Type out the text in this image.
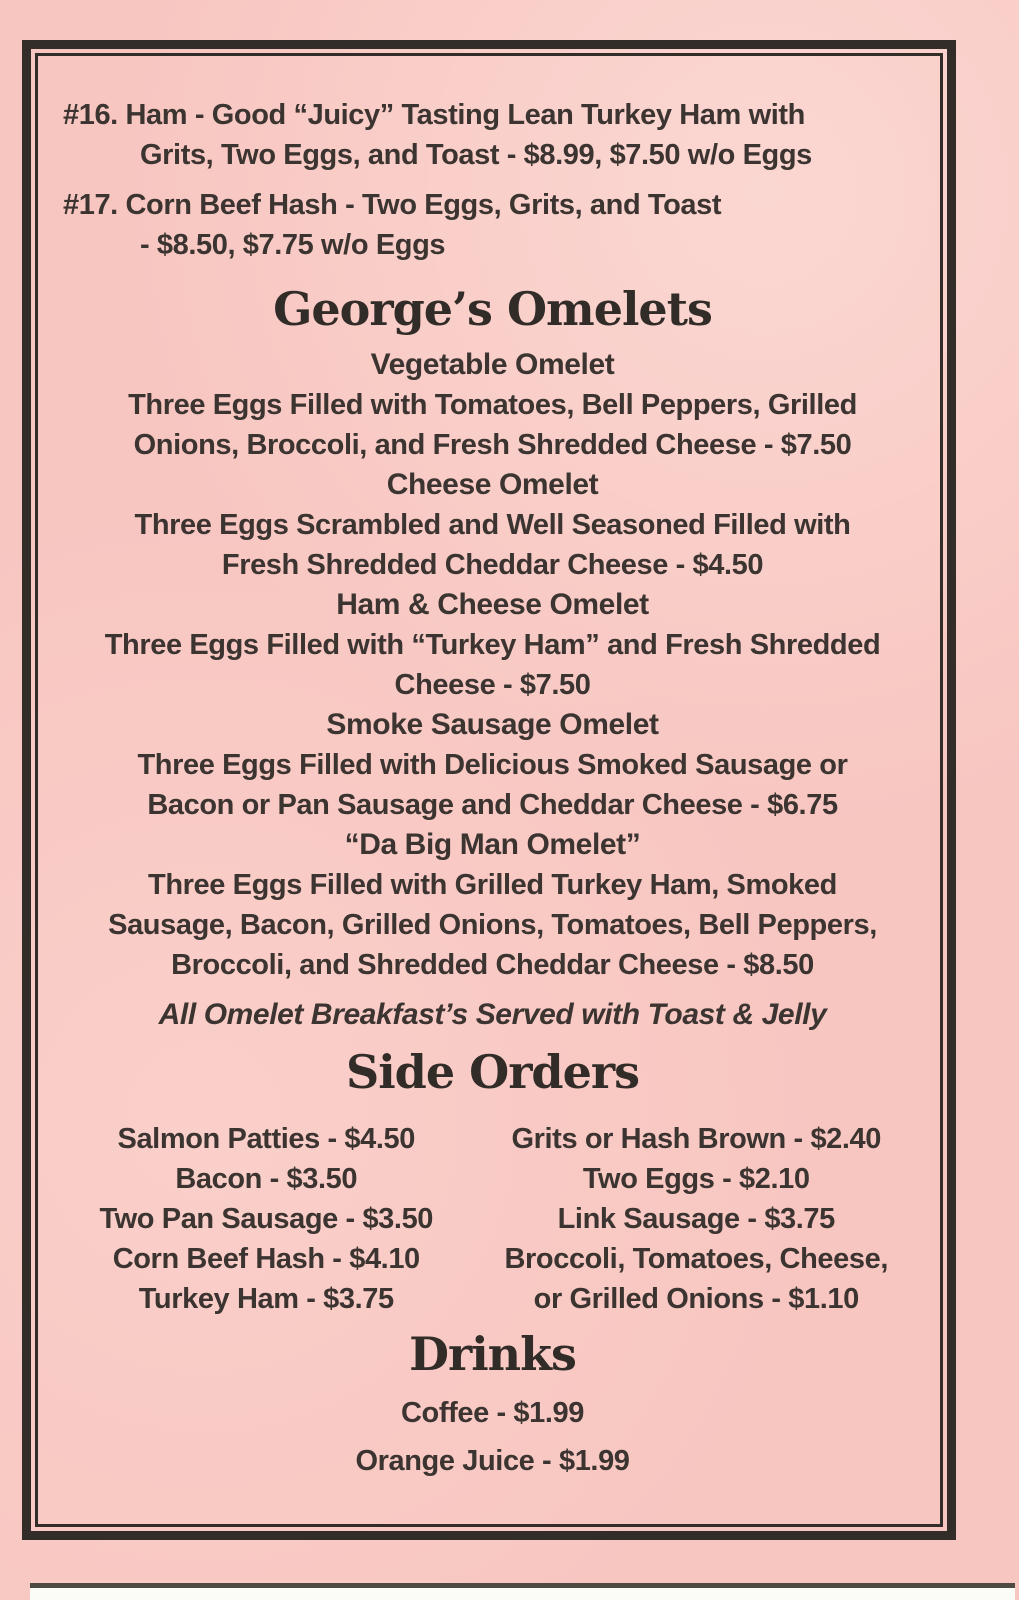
#16. Ham - Good “Juicy” Tasting Lean Turkey Ham with
Grits, Two Eggs, and Toast - $8.99, $7.50 w/o Eggs
#17. Corn Beef Hash - Two Eggs, Grits, and Toast
- $8.50, $7.75 w/o Eggs
George’s Omelets
Vegetable Omelet
Three Eggs Filled with Tomatoes, Bell Peppers, Grilled
Onions, Broccoli, and Fresh Shredded Cheese - $7.50
Cheese Omelet
Three Eggs Scrambled and Well Seasoned Filled with
Fresh Shredded Cheddar Cheese - $4.50
Ham & Cheese Omelet
Three Eggs Filled with “Turkey Ham” and Fresh Shredded
Cheese - $7.50
Smoke Sausage Omelet
Three Eggs Filled with Delicious Smoked Sausage or
Bacon or Pan Sausage and Cheddar Cheese - $6.75
“Da Big Man Omelet”
Three Eggs Filled with Grilled Turkey Ham, Smoked
Sausage, Bacon, Grilled Onions, Tomatoes, Bell Peppers,
Broccoli, and Shredded Cheddar Cheese - $8.50
All Omelet Breakfast’s Served with Toast & Jelly
Side Orders
Salmon Patties - $4.50
Bacon - $3.50
Two Pan Sausage - $3.50
Corn Beef Hash - $4.10
Turkey Ham - $3.75
Grits or Hash Brown - $2.40
Two Eggs - $2.10
Link Sausage - $3.75
Broccoli, Tomatoes, Cheese,
or Grilled Onions - $1.10
Drinks
Coffee - $1.99
Orange Juice - $1.99
